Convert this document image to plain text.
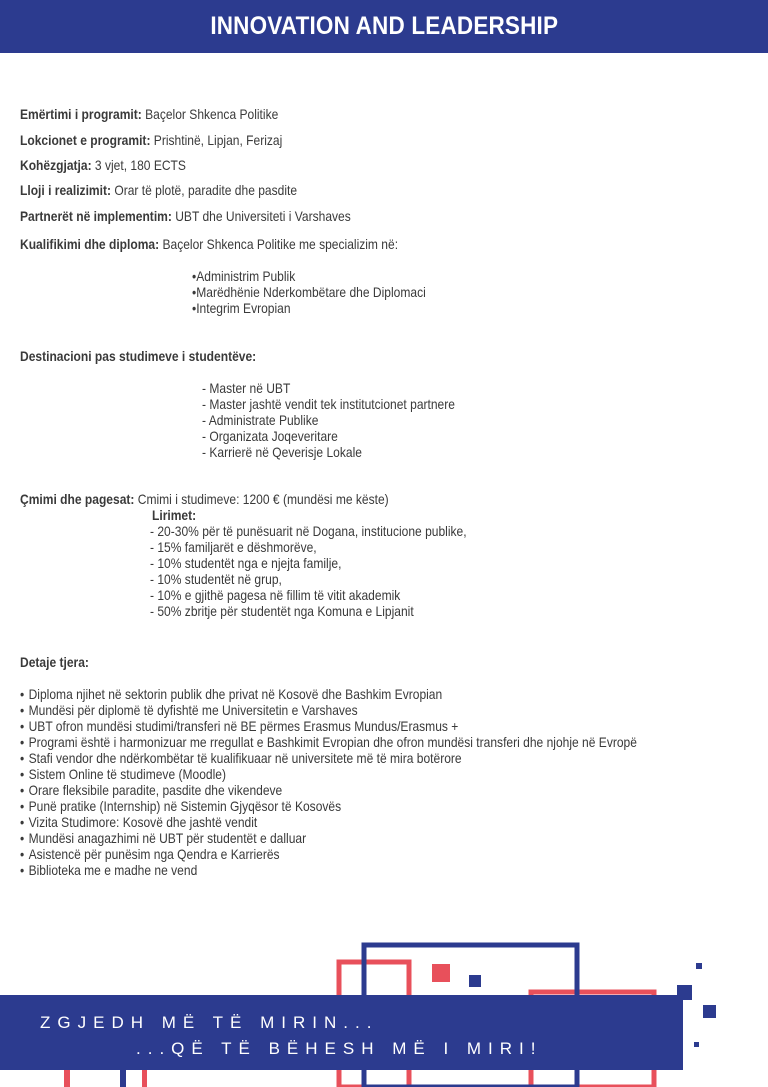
INNOVATION AND LEADERSHIP
Emërtimi i programit: Baçelor Shkenca Politike
Lokcionet e programit: Prishtinë, Lipjan, Ferizaj
Kohëzgjatja: 3 vjet, 180 ECTS
Lloji i realizimit: Orar të plotë, paradite dhe pasdite
Partnerët në implementim: UBT dhe Universiteti i Varshaves
Kualifikimi dhe diploma: Baçelor Shkenca Politike me specializim në:
•Administrim Publik
•Marëdhënie Nderkombëtare dhe Diplomaci
•Integrim Evropian
Destinacioni pas studimeve i studentëve:
- Master në UBT
- Master jashtë vendit tek institutcionet partnere
- Administrate Publike
- Organizata Joqeveritare
- Karrierë në Qeverisje Lokale
Çmimi dhe pagesat: Cmimi i studimeve: 1200 € (mundësi me këste)
Lirimet:
- 20-30% për të punësuarit në Dogana, institucione publike,
- 15% familjarët e dëshmorëve,
- 10% studentët nga e njejta familje,
- 10% studentët në grup,
- 10% e gjithë pagesa në fillim të vitit akademik
- 50% zbritje për studentët nga Komuna e Lipjanit
Detaje tjera:
• Diploma njihet në sektorin publik dhe privat në Kosovë dhe Bashkim Evropian
• Mundësi për diplomë të dyfishtë me Universitetin e Varshaves
• UBT ofron mundësi studimi/transferi në BE përmes Erasmus Mundus/Erasmus +
• Programi është i harmonizuar me rregullat e Bashkimit Evropian dhe ofron mundësi transferi dhe njohje në Evropë
• Stafi vendor dhe ndërkombëtar të kualifikuaar në universitete më të mira botërore
• Sistem Online të studimeve (Moodle)
• Orare fleksibile paradite, pasdite dhe vikendeve
• Punë pratike (Internship) në Sistemin Gjyqësor të Kosovës
• Vizita Studimore: Kosovë dhe jashtë vendit
• Mundësi anagazhimi në UBT për studentët e dalluar
• Asistencë për punësim nga Qendra e Karrierës
• Biblioteka me e madhe ne vend
ZGJEDH MË TË MIRIN...
...QË TË BËHESH MË I MIRI!
